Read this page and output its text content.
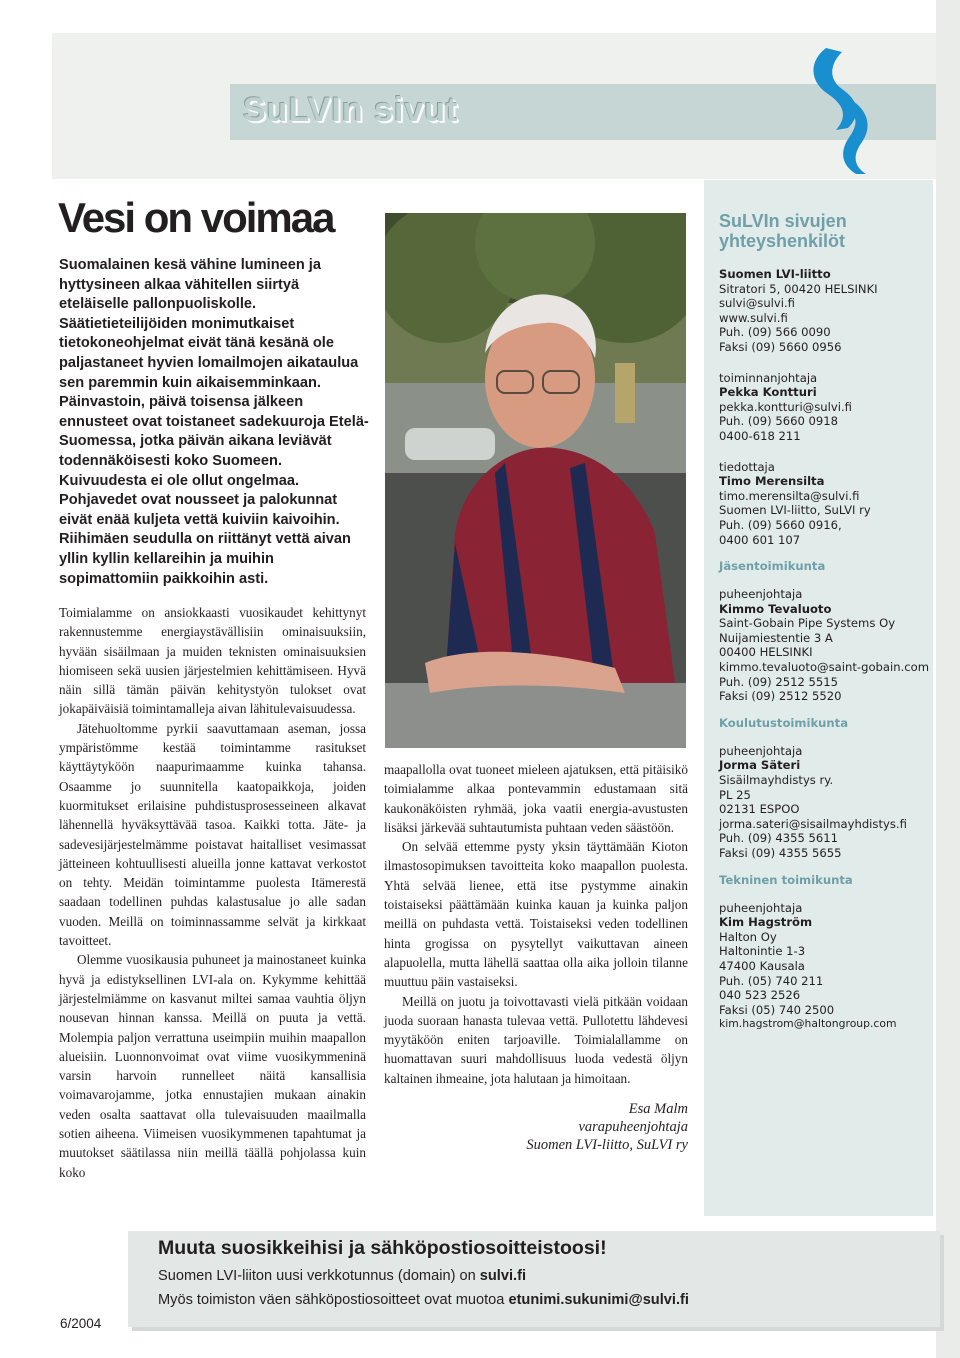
SuLVIn sivut
Vesi on voimaa

Suomalainen kesä vähine lumineen ja hyttysineen alkaa vähitellen siirtyä eteläiselle pallonpuoliskolle. Säätietieteilijöiden monimutkaiset tietokoneohjelmat eivät tänä kesänä ole paljastaneet hyvien lomailmojen aikataulua sen paremmin kuin aikaisemminkaan. Päinvastoin, päivä toisensa jälkeen ennusteet ovat toistaneet sadekuuroja Etelä-Suomessa, jotka päivän aikana leviävät todennäköisesti koko Suomeen. Kuivuudesta ei ole ollut ongelmaa. Pohjavedet ovat nousseet ja palokunnat eivät enää kuljeta vettä kuiviin kaivoihin. Riihimäen seudulla on riittänyt vettä aivan yllin kyllin kellareihin ja muihin sopimattomiin paikkoihin asti.

Toimialamme on ansiokkaasti vuosikaudet kehittynyt rakennustemme energiaystävällisiin ominaisuuksiin, hyvään sisäilmaan ja muiden teknisten ominaisuuksien hiomiseen sekä uusien järjestelmien kehittämiseen. Hyvä näin sillä tämän päivän kehitystyön tulokset ovat jokapäiväisiä toimintamalleja aivan lähitulevaisuudessa.

Jätehuoltomme pyrkii saavuttamaan aseman, jossa ympäristömme kestää toimintamme rasitukset käyttäytyköön naapurimaamme kuinka tahansa. Osaamme jo suunnitella kaatopaikkoja, joiden kuormitukset erilaisine puhdistusprosesseineen alkavat lähennellä hyväksyttävää tasoa. Kaikki totta. Jäte- ja sadevesijärjestelmämme poistavat haitalliset vesimassat jätteineen kohtuullisesti alueilla jonne kattavat verkostot on tehty. Meidän toimintamme puolesta Itämerestä saadaan todellinen puhdas kalastusalue jo alle sadan vuoden. Meillä on toiminnassamme selvät ja kirkkaat tavoitteet.

Olemme vuosikausia puhuneet ja mainostaneet kuinka hyvä ja edistyksellinen LVI-ala on. Kykymme kehittää järjestelmiämme on kasvanut miltei samaa vauhtia öljyn nousevan hinnan kanssa. Meillä on puuta ja vettä. Molempia paljon verrattuna useimpiin muihin maapallon alueisiin. Luonnonvoimat ovat viime vuosikymmeninä varsin harvoin runnelleet näitä kansallisia voimavarojamme, jotka ennustajien mukaan ainakin veden osalta saattavat olla tulevaisuuden maailmalla sotien aiheena. Viimeisen vuosikymmenen tapahtumat ja muutokset säätilassa niin meillä täällä pohjolassa kuin koko

maapallolla ovat tuoneet mieleen ajatuksen, että pitäisikö toimialamme alkaa pontevammin edustamaan sitä kaukonäköisten ryhmää, joka vaatii energia-avustusten lisäksi järkevää suhtautumista puhtaan veden säästöön.

On selvää ettemme pysty yksin täyttämään Kioton ilmastosopimuksen tavoitteita koko maapallon puolesta. Yhtä selvää lienee, että itse pystymme ainakin toistaiseksi päättämään kuinka kauan ja kuinka paljon meillä on puhdasta vettä. Toistaiseksi veden todellinen hinta grogissa on pysytellyt vaikuttavan aineen alapuolella, mutta lähellä saattaa olla aika jolloin tilanne muuttuu päin vastaiseksi.

Meillä on juotu ja toivottavasti vielä pitkään voidaan juoda suoraan hanasta tulevaa vettä. Pullotettu lähdevesi myytäköön eniten tarjoaville. Toimialallamme on huomattavan suuri mahdollisuus luoda vedestä öljyn kaltainen ihmeaine, jota halutaan ja himoitaan.

Esa Malm
varapuheenjohtaja
Suomen LVI-liitto, SuLVI ry
SuLVIn sivujen yhteyshenkilöt
Suomen LVI-liitto
Sitratori 5, 00420 HELSINKI
sulvi@sulvi.fi
www.sulvi.fi
Puh. (09) 566 0090
Faksi (09) 5660 0956
toiminnanjohtaja
Pekka Kontturi
pekka.kontturi@sulvi.fi
Puh. (09) 5660 0918
0400-618 211
tiedottaja
Timo Merensilta
timo.merensilta@sulvi.fi
Suomen LVI-liitto, SuLVI ry
Puh. (09) 5660 0916,
0400 601 107
Jäsentoimikunta
puheenjohtaja
Kimmo Tevaluoto
Saint-Gobain Pipe Systems Oy
Nuijamiestentie 3 A
00400 HELSINKI
kimmo.tevaluoto@saint-gobain.com
Puh. (09) 2512 5515
Faksi (09) 2512 5520
Koulutustoimikunta
puheenjohtaja
Jorma Säteri
Sisäilmayhdistys ry.
PL 25
02131 ESPOO
jorma.sateri@sisailmayhdistys.fi
Puh. (09) 4355 5611
Faksi (09) 4355 5655
Tekninen toimikunta
puheenjohtaja
Kim Hagström
Halton Oy
Haltonintie 1-3
47400 Kausala
Puh. (05) 740 211
040 523 2526
Faksi (05) 740 2500
kim.hagstrom@haltongroup.com
Muuta suosikkeihisi ja sähköpostiosoitteistoosi!
Suomen LVI-liiton uusi verkkotunnus (domain) on sulvi.fi
Myös toimiston väen sähköpostiosoitteet ovat muotoa etunimi.sukunimi@sulvi.fi
6/2004
